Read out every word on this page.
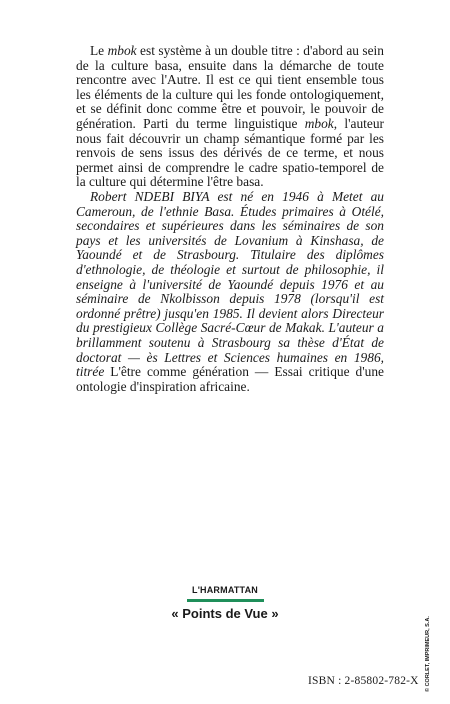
Le mbok est système à un double titre : d'abord au sein de la culture basa, ensuite dans la démarche de toute rencontre avec l'Autre. Il est ce qui tient ensemble tous les éléments de la culture qui les fonde ontologiquement, et se définit donc comme être et pouvoir, le pouvoir de génération. Parti du terme linguistique mbok, l'auteur nous fait découvrir un champ sémantique formé par les renvois de sens issus des dérivés de ce terme, et nous permet ainsi de comprendre le cadre spatio-temporel de la culture qui détermine l'être basa.

Robert NDEBI BIYA est né en 1946 à Metet au Cameroun, de l'ethnie Basa. Études primaires à Otélé, secondaires et supérieures dans les séminaires de son pays et les universités de Lovanium à Kinshasa, de Yaoundé et de Strasbourg. Titulaire des diplômes d'ethnologie, de théologie et surtout de philosophie, il enseigne à l'université de Yaoundé depuis 1976 et au séminaire de Nkolbisson depuis 1978 (lorsqu'il est ordonné prêtre) jusqu'en 1985. Il devient alors Directeur du prestigieux Collège Sacré-Cœur de Makak. L'auteur a brillamment soutenu à Strasbourg sa thèse d'État de doctorat — ès Lettres et Sciences humaines en 1986, titrée L'être comme génération — Essai critique d'une ontologie d'inspiration africaine.

L'HARMATTAN
« Points de Vue »
ISBN : 2-85802-782-X © CORLET, IMPRIMEUR, S.A.
